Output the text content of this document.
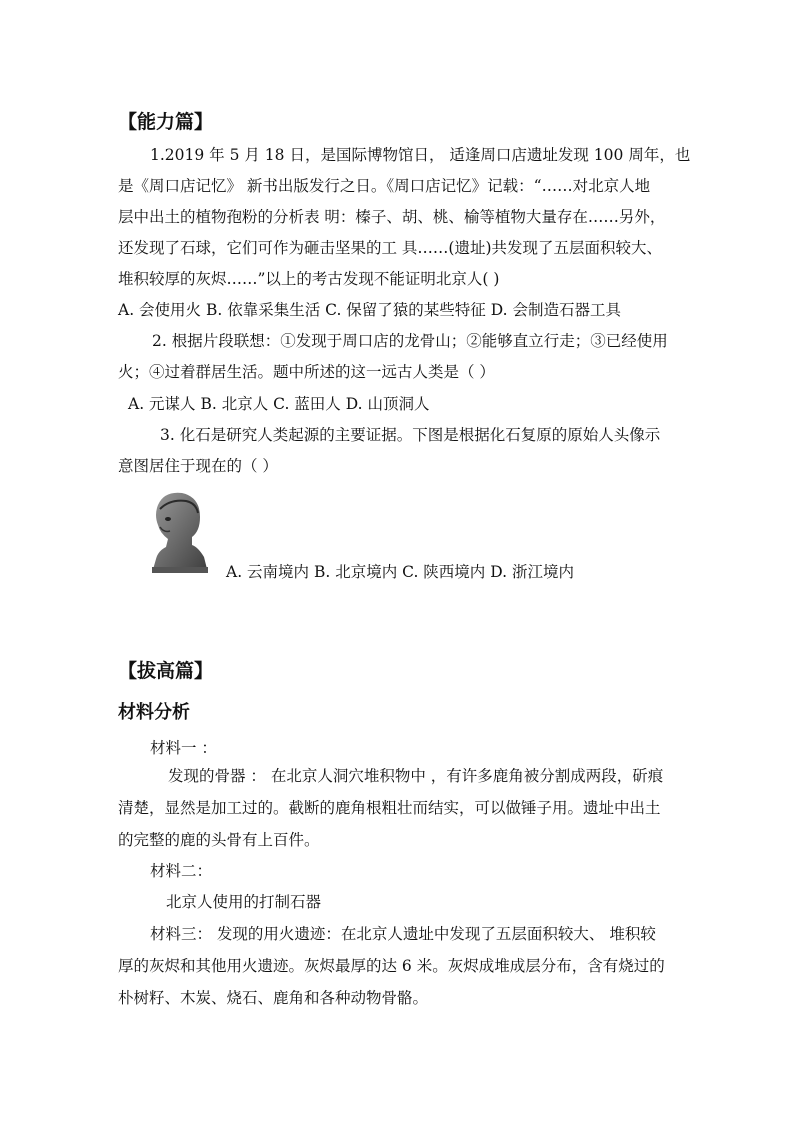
【能力篇】
1.2019 年 5 月 18 日，是国际博物馆日， 适逢周口店遗址发现 100 周年，也
是《周口店记忆》 新书出版发行之日。《周口店记忆》记载：“……对北京人地
层中出土的植物孢粉的分析表 明：榛子、胡、桃、榆等植物大量存在……另外，
还发现了石球，它们可作为砸击坚果的工 具……(遗址)共发现了五层面积较大、
堆积较厚的灰烬……”以上的考古发现不能证明北京人( )
A. 会使用火 B. 依靠采集生活 C. 保留了猿的某些特征 D. 会制造石器工具
2. 根据片段联想：①发现于周口店的龙骨山；②能够直立行走；③已经使用
火；④过着群居生活。题中所述的这一远古人类是（ ）
A. 元谋人 B. 北京人 C. 蓝田人 D. 山顶洞人
3. 化石是研究人类起源的主要证据。下图是根据化石复原的原始人头像示
意图居住于现在的（ ）
A. 云南境内 B. 北京境内 C. 陕西境内 D. 浙江境内
【拔高篇】
材料分析
材料一 ：
发现的骨器 ： 在北京人洞穴堆积物中 ，有许多鹿角被分割成两段，斫痕
清楚，显然是加工过的。截断的鹿角根粗壮而结实，可以做锤子用。遗址中出土
的完整的鹿的头骨有上百件。
材料二：
北京人使用的打制石器
材料三： 发现的用火遗迹：在北京人遗址中发现了五层面积较大、 堆积较
厚的灰烬和其他用火遗迹。灰烬最厚的达 6 米。灰烬成堆成层分布，含有烧过的
朴树籽、木炭、烧石、鹿角和各种动物骨骼。
